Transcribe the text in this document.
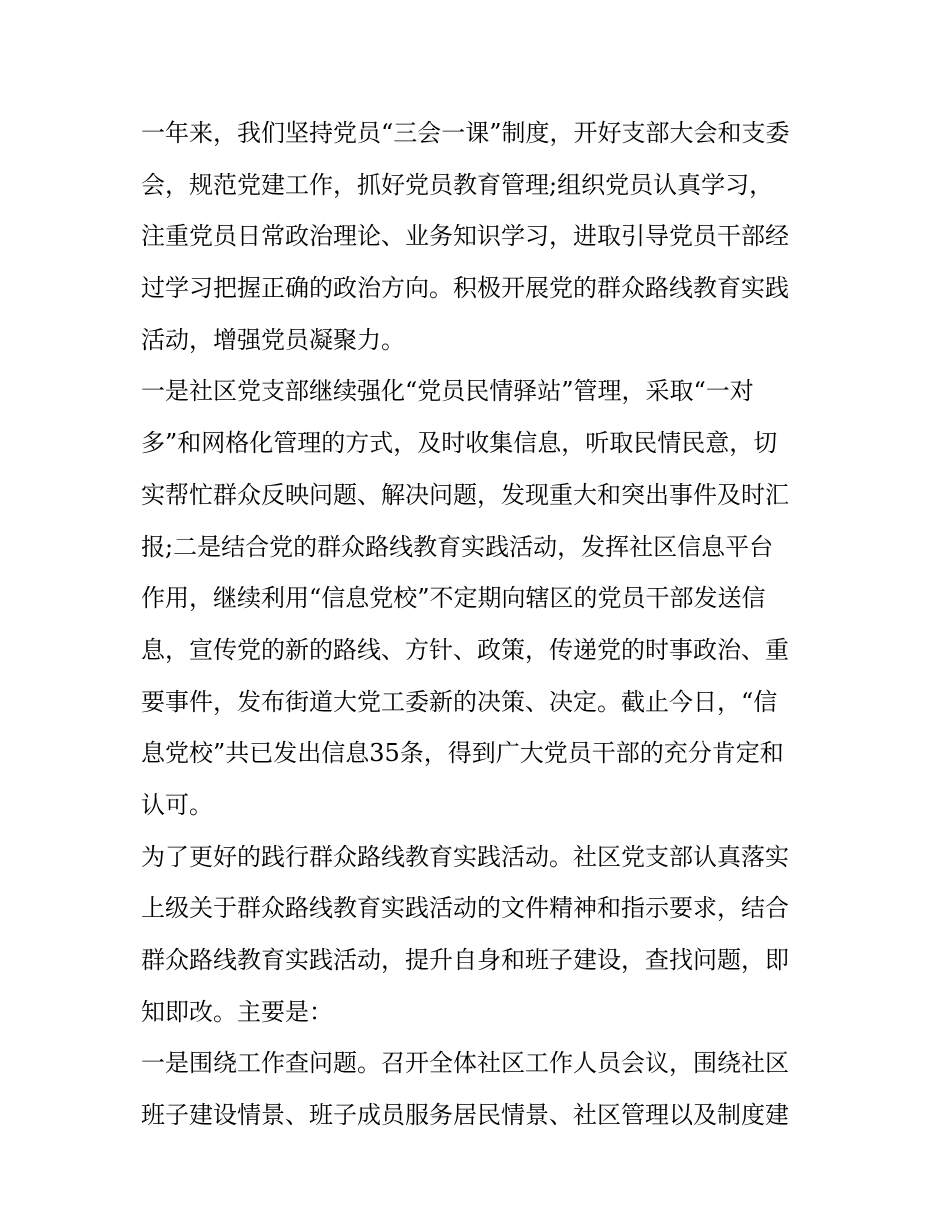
一年来，我们坚持党员“三会一课”制度，开好支部大会和支委
会，规范党建工作，抓好党员教育管理;组织党员认真学习，
注重党员日常政治理论、业务知识学习，进取引导党员干部经
过学习把握正确的政治方向。积极开展党的群众路线教育实践
活动，增强党员凝聚力。
一是社区党支部继续强化“党员民情驿站”管理，采取“一对
多”和网格化管理的方式，及时收集信息，听取民情民意，切
实帮忙群众反映问题、解决问题，发现重大和突出事件及时汇
报;二是结合党的群众路线教育实践活动，发挥社区信息平台
作用，继续利用“信息党校”不定期向辖区的党员干部发送信
息，宣传党的新的路线、方针、政策，传递党的时事政治、重
要事件，发布街道大党工委新的决策、决定。截止今日，“信
息党校”共已发出信息35条，得到广大党员干部的充分肯定和
认可。
为了更好的践行群众路线教育实践活动。社区党支部认真落实
上级关于群众路线教育实践活动的文件精神和指示要求，结合
群众路线教育实践活动，提升自身和班子建设，查找问题，即
知即改。主要是：
一是围绕工作查问题。召开全体社区工作人员会议，围绕社区
班子建设情景、班子成员服务居民情景、社区管理以及制度建
